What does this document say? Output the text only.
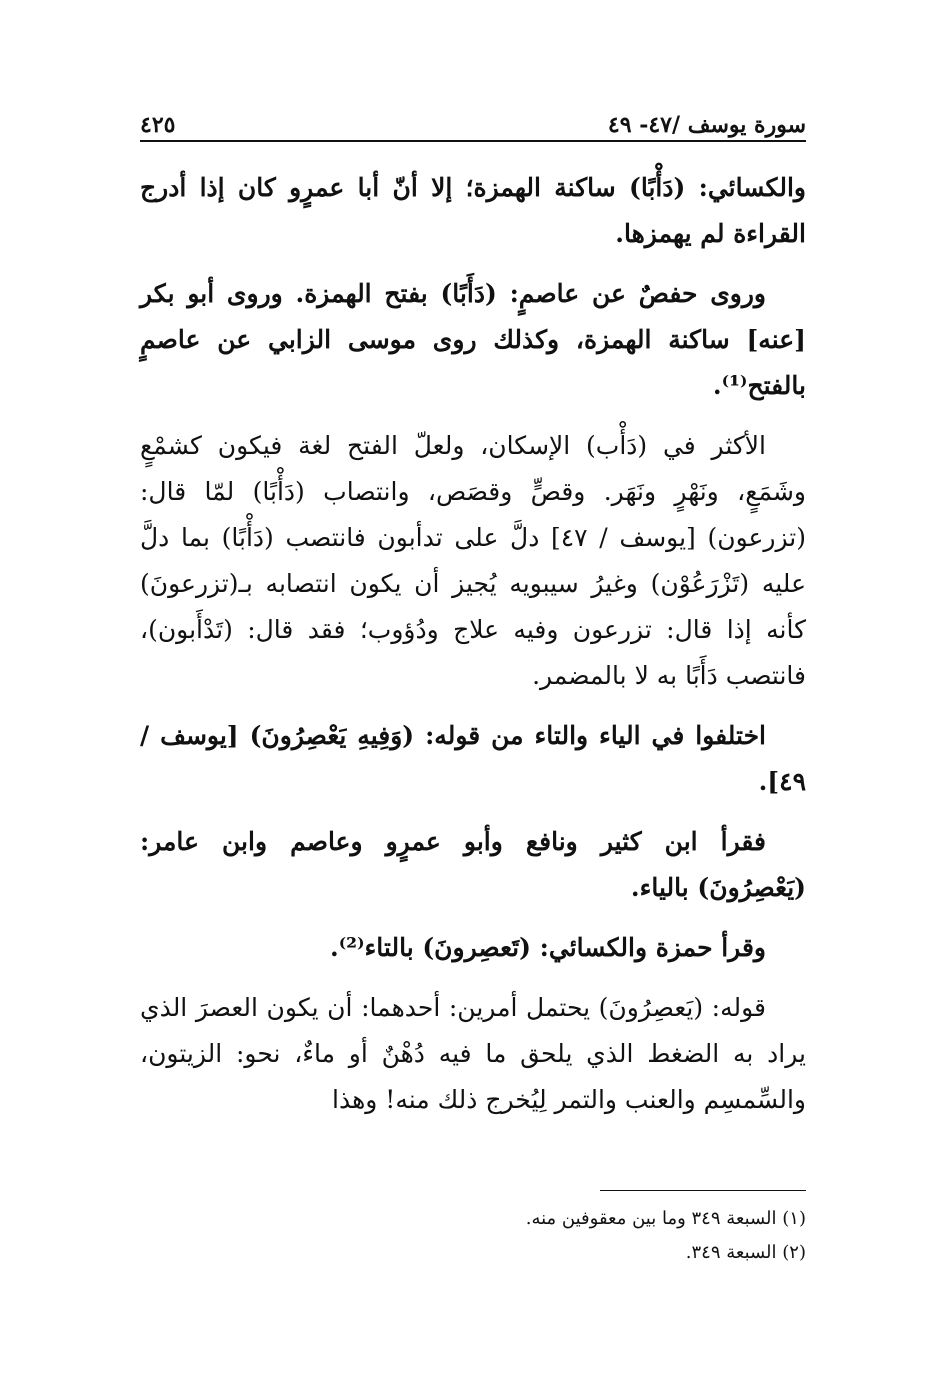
سورة يوسف /٤٧- ٤٩
٤٢٥

والكسائي: (دَأْبًا) ساكنة الهمزة؛ إلا أنّ أبا عمرٍو كان إذا أدرج القراءة لم يهمزها.

وروى حفصٌ عن عاصمٍ: (دَأَبًا) بفتح الهمزة. وروى أبو بكر [عنه] ساكنة الهمزة، وكذلك روى موسى الزابي عن عاصمٍ بالفتح⁽¹⁾.

الأكثر في (دَأْب) الإسكان، ولعلّ الفتح لغة فيكون كشمْعٍ وشَمَعٍ، ونَهْرٍ ونَهَر. وقصٍّ وقصَص، وانتصاب (دَأْبًا) لمّا قال: (تزرعون) [يوسف / ٤٧] دلَّ على تدأبون فانتصب (دَأْبًا) بما دلَّ عليه (تَزْرَعُوْن) وغيرُ سيبويه يُجيز أن يكون انتصابه بـ(تزرعونَ) كأنه إذا قال: تزرعون وفيه علاج ودُؤوب؛ فقد قال: (تَدْأَبون)، فانتصب دَأَبًا به لا بالمضمر.

اختلفوا في الياء والتاء من قوله: (وَفِيهِ يَعْصِرُونَ) [يوسف / ٤٩].

فقرأ ابن كثير ونافع وأبو عمرٍو وعاصم وابن عامر: (يَعْصِرُونَ) بالياء.

وقرأ حمزة والكسائي: (تَعصِرونَ) بالتاء⁽²⁾.

قوله: (يَعصِرُونَ) يحتمل أمرين: أحدهما: أن يكون العصرَ الذي يراد به الضغط الذي يلحق ما فيه دُهْنٌ أو ماءٌ، نحو: الزيتون، والسِّمسِم والعنب والتمر لِيُخرج ذلك منه! وهذا

(١) السبعة ٣٤٩ وما بين معقوفين منه.

(٢) السبعة ٣٤٩.
